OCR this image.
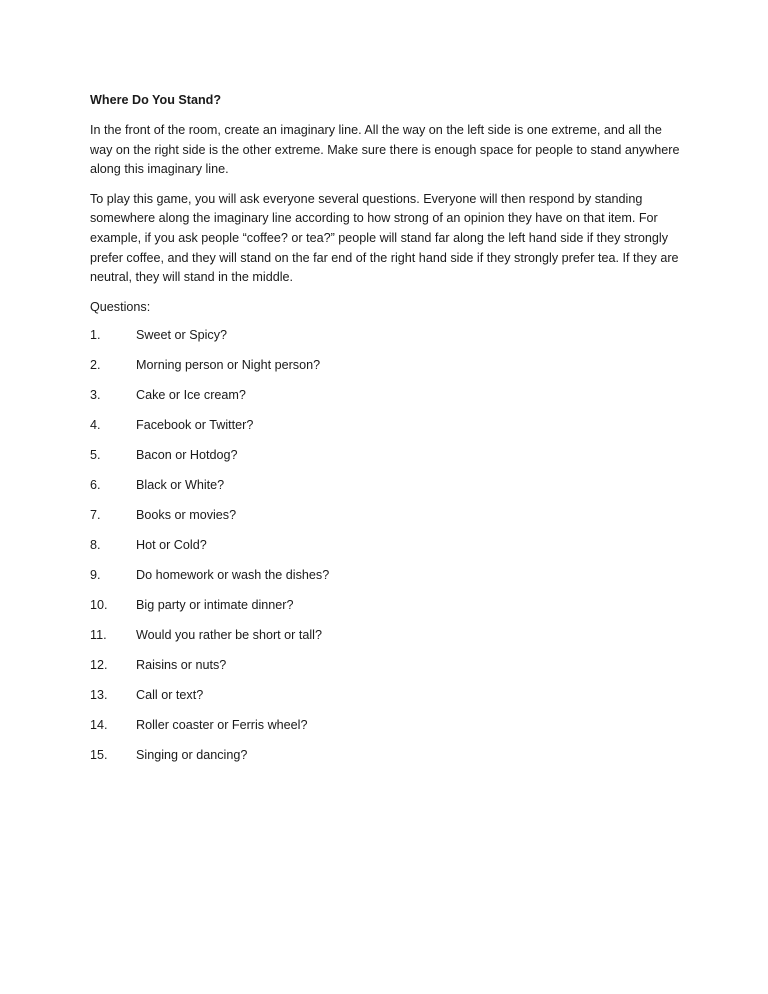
Where Do You Stand?

In the front of the room, create an imaginary line. All the way on the left side is one extreme, and all the way on the right side is the other extreme. Make sure there is enough space for people to stand anywhere along this imaginary line.

To play this game, you will ask everyone several questions. Everyone will then respond by standing somewhere along the imaginary line according to how strong of an opinion they have on that item. For example, if you ask people “coffee? or tea?” people will stand far along the left hand side if they strongly prefer coffee, and they will stand on the far end of the right hand side if they strongly prefer tea. If they are neutral, they will stand in the middle.

Questions:
1.	Sweet or Spicy?
2.	Morning person or Night person?
3.	Cake or Ice cream?
4.	Facebook or Twitter?
5.	Bacon or Hotdog?
6.	Black or White?
7.	Books or movies?
8.	Hot or Cold?
9.	Do homework or wash the dishes?
10. Big party or intimate dinner?
11. Would you rather be short or tall?
12. Raisins or nuts?
13. Call or text?
14. Roller coaster or Ferris wheel?
15. Singing or dancing?
